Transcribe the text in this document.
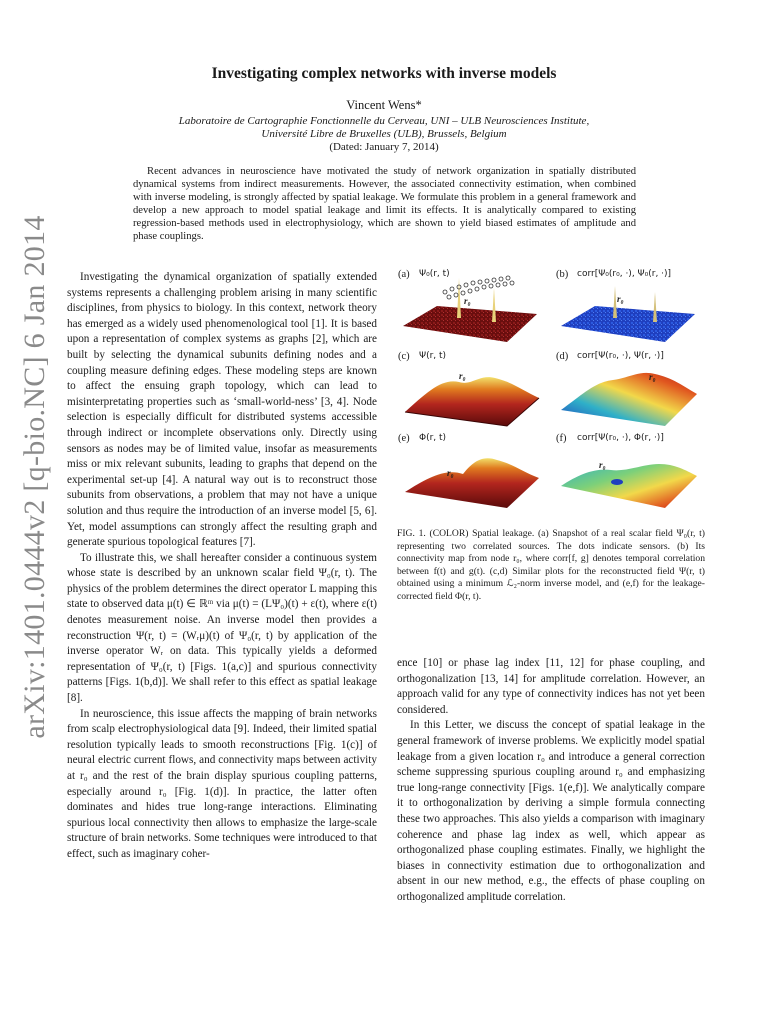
arXiv:1401.0444v2 [q-bio.NC] 6 Jan 2014
Investigating complex networks with inverse models
Vincent Wens*
Laboratoire de Cartographie Fonctionnelle du Cerveau, UNI – ULB Neurosciences Institute,
Université Libre de Bruxelles (ULB), Brussels, Belgium
(Dated: January 7, 2014)
Recent advances in neuroscience have motivated the study of network organization in spatially distributed dynamical systems from indirect measurements. However, the associated connectivity estimation, when combined with inverse modeling, is strongly affected by spatial leakage. We formulate this problem in a general framework and develop a new approach to model spatial leakage and limit its effects. It is analytically compared to existing regression-based methods used in electrophysiology, which are shown to yield biased estimates of amplitude and phase couplings.

Investigating the dynamical organization of spatially extended systems represents a challenging problem arising in many scientific disciplines, from physics to biology. In this context, network theory has emerged as a widely used phenomenological tool [1]. It is based upon a representation of complex systems as graphs [2], which are built by selecting the dynamical subunits defining nodes and a coupling measure defining edges. These modeling steps are known to affect the ensuing graph topology, which can lead to misinterpretating properties such as ‘small-world-ness’ [3, 4]. Node selection is especially difficult for distributed systems accessible through indirect or incomplete observations only. Directly using sensors as nodes may be of limited value, insofar as measurements miss or mix relevant subunits, leading to graphs that depend on the experimental set-up [4]. A natural way out is to reconstruct those subunits from observations, a problem that may not have a unique solution and thus require the introduction of an inverse model [5, 6]. Yet, model assumptions can strongly affect the resulting graph and generate spurious topological features [7].

To illustrate this, we shall hereafter consider a continuous system whose state is described by an unknown scalar field Ψ₀(r, t). The physics of the problem determines the direct operator L mapping this state to observed data μ(t) ∈ ℝᵐ via μ(t) = (LΨ₀)(t) + ε(t), where ε(t) denotes measurement noise. An inverse model then provides a reconstruction Ψ(r, t) = (Wᵣμ)(t) of Ψ₀(r, t) by application of the inverse operator Wᵣ on data. This typically yields a deformed representation of Ψ₀(r, t) [Figs. 1(a,c)] and spurious connectivity patterns [Figs. 1(b,d)]. We shall refer to this effect as spatial leakage [8].

In neuroscience, this issue affects the mapping of brain networks from scalp electrophysiological data [9]. Indeed, their limited spatial resolution typically leads to smooth reconstructions [Fig. 1(c)] of neural electric current flows, and connectivity maps between activity at r₀ and the rest of the brain display spurious coupling patterns, especially around r₀ [Fig. 1(d)]. In practice, the latter often dominates and hides true long-range interactions. Eliminating spurious local connectivity then allows to emphasize the large-scale structure of brain networks. Some techniques were introduced to that effect, such as imaginary coher-

(a) Ψ₀(r, t)
r₀
(b) corr[Ψ₀(r₀, ·), Ψ₀(r, ·)]
r₀
(c) Ψ(r, t)
r₀
(d) corr[Ψ(r₀, ·), Ψ(r, ·)]
r₀
(e) Φ(r, t)
r₀
(f) corr[Ψ(r₀, ·), Φ(r, ·)]
r₀
FIG. 1. (COLOR) Spatial leakage. (a) Snapshot of a real scalar field Ψ₀(r, t) representing two correlated sources. The dots indicate sensors. (b) Its connectivity map from node r₀, where corr[f, g] denotes temporal correlation between f(t) and g(t). (c,d) Similar plots for the reconstructed field Ψ(r, t) obtained using a minimum ℒ₂-norm inverse model, and (e,f) for the leakage-corrected field Φ(r, t).

ence [10] or phase lag index [11, 12] for phase coupling, and orthogonalization [13, 14] for amplitude correlation. However, an approach valid for any type of connectivity indices has not yet been considered.

In this Letter, we discuss the concept of spatial leakage in the general framework of inverse problems. We explicitly model spatial leakage from a given location r₀ and introduce a general correction scheme suppressing spurious coupling around r₀ and emphasizing true long-range connectivity [Figs. 1(e,f)]. We analytically compare it to orthogonalization by deriving a simple formula connecting these two approaches. This also yields a comparison with imaginary coherence and phase lag index as well, which appear as orthogonalized phase coupling estimates. Finally, we highlight the biases in connectivity estimation due to orthogonalization and absent in our new method, e.g., the effects of phase coupling on orthogonalized amplitude correlation.
